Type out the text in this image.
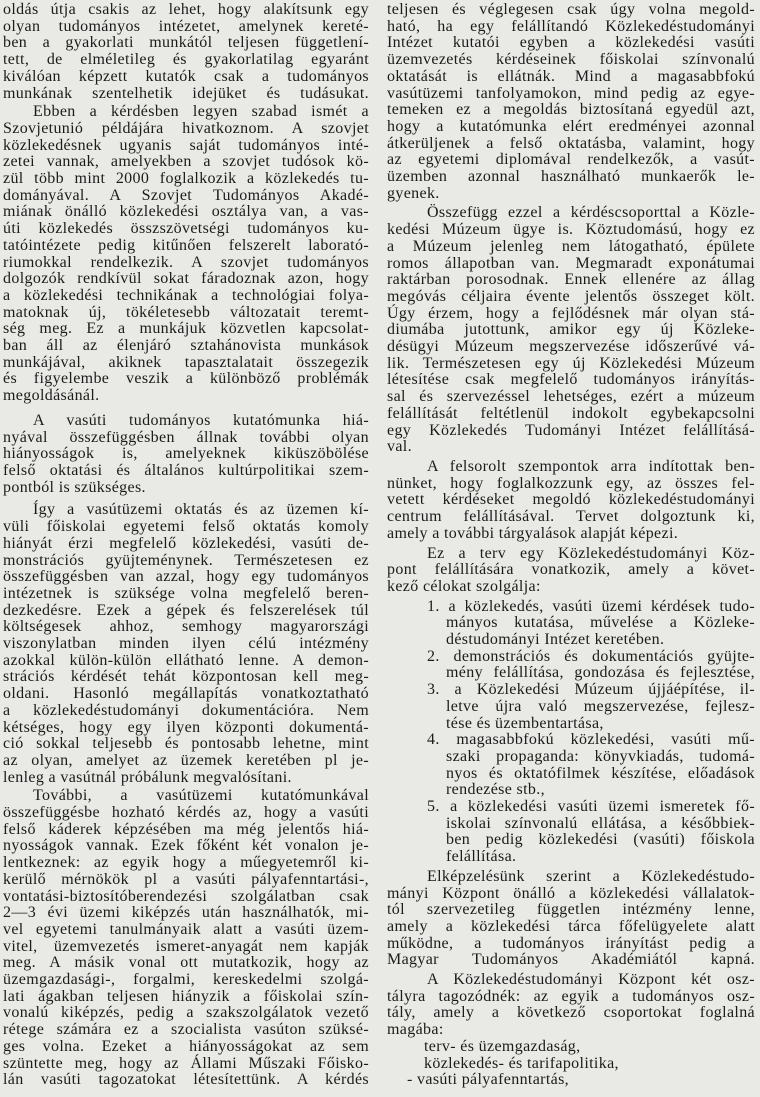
oldás útja csakis az lehet, hogy alakítsunk egy
olyan tudományos intézetet, amelynek kereté-
ben a gyakorlati munkától teljesen függetlení-
tett, de elméletileg és gyakorlatilag egyaránt
kiválóan képzett kutatók csak a tudományos
munkának szentelhetik idejüket és tudásukat.
Ebben a kérdésben legyen szabad ismét a
Szovjetunió példájára hivatkoznom. A szovjet
közlekedésnek ugyanis saját tudományos inté-
zetei vannak, amelyekben a szovjet tudósok kö-
zül több mint 2000 foglalkozik a közlekedés tu-
dományával. A Szovjet Tudományos Akadé-
miának önálló közlekedési osztálya van, a vas-
úti közlekedés összszövetségi tudományos ku-
tatóintézete pedig kitűnően felszerelt laborató-
riumokkal rendelkezik. A szovjet tudományos
dolgozók rendkívül sokat fáradoznak azon, hogy
a közlekedési technikának a technológiai folya-
matoknak új, tökéletesebb változatait teremt-
ség meg. Ez a munkájuk közvetlen kapcsolat-
ban áll az élenjáró sztahánovista munkások
munkájával, akiknek tapasztalatait összegezik
és figyelembe veszik a különböző problémák
megoldásánál.
A vasúti tudományos kutatómunka hiá-
nyával összefüggésben állnak további olyan
hiányosságok is, amelyeknek kiküszöbölése
felső oktatási és általános kultúrpolitikai szem-
pontból is szükséges.
Így a vasútüzemi oktatás és az üzemen kí-
vüli főiskolai egyetemi felső oktatás komoly
hiányát érzi megfelelő közlekedési, vasúti de-
monstrációs gyüjteménynek. Természetesen ez
összefüggésben van azzal, hogy egy tudományos
intézetnek is szüksége volna megfelelő beren-
dezkedésre. Ezek a gépek és felszerelések túl
költségesek ahhoz, semhogy magyarországi
viszonylatban minden ilyen célú intézmény
azokkal külön-külön ellátható lenne. A demon-
strációs kérdését tehát központosan kell meg-
oldani. Hasonló megállapítás vonatkoztatható
a közlekedéstudományi dokumentációra. Nem
kétséges, hogy egy ilyen központi dokumentá-
ció sokkal teljesebb és pontosabb lehetne, mint
az olyan, amelyet az üzemek keretében pl je-
lenleg a vasútnál próbálunk megvalósítani.
További, a vasútüzemi kutatómunkával
összefüggésbe hozható kérdés az, hogy a vasúti
felső káderek képzésében ma még jelentős hiá-
nyosságok vannak. Ezek főként két vonalon je-
lentkeznek: az egyik hogy a műegyetemről ki-
kerülő mérnökök pl a vasúti pályafenntartási-,
vontatási-biztosítóberendezési szolgálatban csak
2—3 évi üzemi kiképzés után használhatók, mi-
vel egyetemi tanulmányaik alatt a vasúti üzem-
vitel, üzemvezetés ismeret-anyagát nem kapják
meg. A másik vonal ott mutatkozik, hogy az
üzemgazdasági-, forgalmi, kereskedelmi szolgá-
lati ágakban teljesen hiányzik a főiskolai szín-
vonalú kiképzés, pedig a szakszolgálatok vezető
rétege számára ez a szocialista vasúton szüksé-
ges volna. Ezeket a hiányosságokat az sem
szüntette meg, hogy az Állami Műszaki Főisko-
lán vasúti tagozatokat létesítettünk. A kérdés
teljesen és véglegesen csak úgy volna megold-
ható, ha egy felállítandó Közlekedéstudományi
Intézet kutatói egyben a közlekedési vasúti
üzemvezetés kérdéseinek főiskolai színvonalú
oktatását is ellátnák. Mind a magasabbfokú
vasútüzemi tanfolyamokon, mind pedig az egye-
temeken ez a megoldás biztosítaná egyedül azt,
hogy a kutatómunka elért eredményei azonnal
átkerüljenek a felső oktatásba, valamint, hogy
az egyetemi diplomával rendelkezők, a vasút-
üzemben azonnal használható munkaerők le-
gyenek.
Összefügg ezzel a kérdéscsoporttal a Közle-
kedési Múzeum ügye is. Köztudomású, hogy ez
a Múzeum jelenleg nem látogatható, épülete
romos állapotban van. Megmaradt exponátumai
raktárban porosodnak. Ennek ellenére az állag
megóvás céljaira évente jelentős összeget költ.
Úgy érzem, hogy a fejlődésnek már olyan stá-
diumába jutottunk, amikor egy új Közleke-
désügyi Múzeum megszervezése időszerűvé vá-
lik. Természetesen egy új Közlekedési Múzeum
létesítése csak megfelelő tudományos irányítás-
sal és szervezéssel lehetséges, ezért a múzeum
felállítását feltétlenül indokolt egybekapcsolni
egy Közlekedés Tudományi Intézet felállításá-
val.
A felsorolt szempontok arra indítottak ben-
nünket, hogy foglalkozzunk egy, az összes fel-
vetett kérdéseket megoldó közlekedéstudományi
centrum felállításával. Tervet dolgoztunk ki,
amely a további tárgyalások alapját képezi.
Ez a terv egy Közlekedéstudományi Köz-
pont felállítására vonatkozik, amely a követ-
kező célokat szolgálja:
1. a közlekedés, vasúti üzemi kérdések tudo-
mányos kutatása, művelése a Közleke-
déstudományi Intézet keretében.
2. demonstrációs és dokumentációs gyüjte-
mény felállítása, gondozása és fejlesztése,
3. a Közlekedési Múzeum újjáépítése, il-
letve újra való megszervezése, fejlesz-
tése és üzembentartása,
4. magasabbfokú közlekedési, vasúti mű-
szaki propaganda: könyvkiadás, tudomá-
nyos és oktatófilmek készítése, előadások
rendezése stb.,
5. a közlekedési vasúti üzemi ismeretek fő-
iskolai színvonalú ellátása, a későbbiek-
ben pedig közlekedési (vasúti) főiskola
felállítása.
Elképzelésünk szerint a Közlekedéstudo-
mányi Központ önálló a közlekedési vállalatok-
tól szervezetileg független intézmény lenne,
amely a közlekedési tárca főfelügyelete alatt
működne, a tudományos irányítást pedig a
Magyar Tudományos Akadémiától kapná.
A Közlekedéstudományi Központ két osz-
tályra tagozódnék: az egyik a tudományos osz-
tály, amely a következő csoportokat foglalná
magába:
terv- és üzemgazdaság,
közlekedés- és tarifapolitika,
- vasúti pályafenntartás,
